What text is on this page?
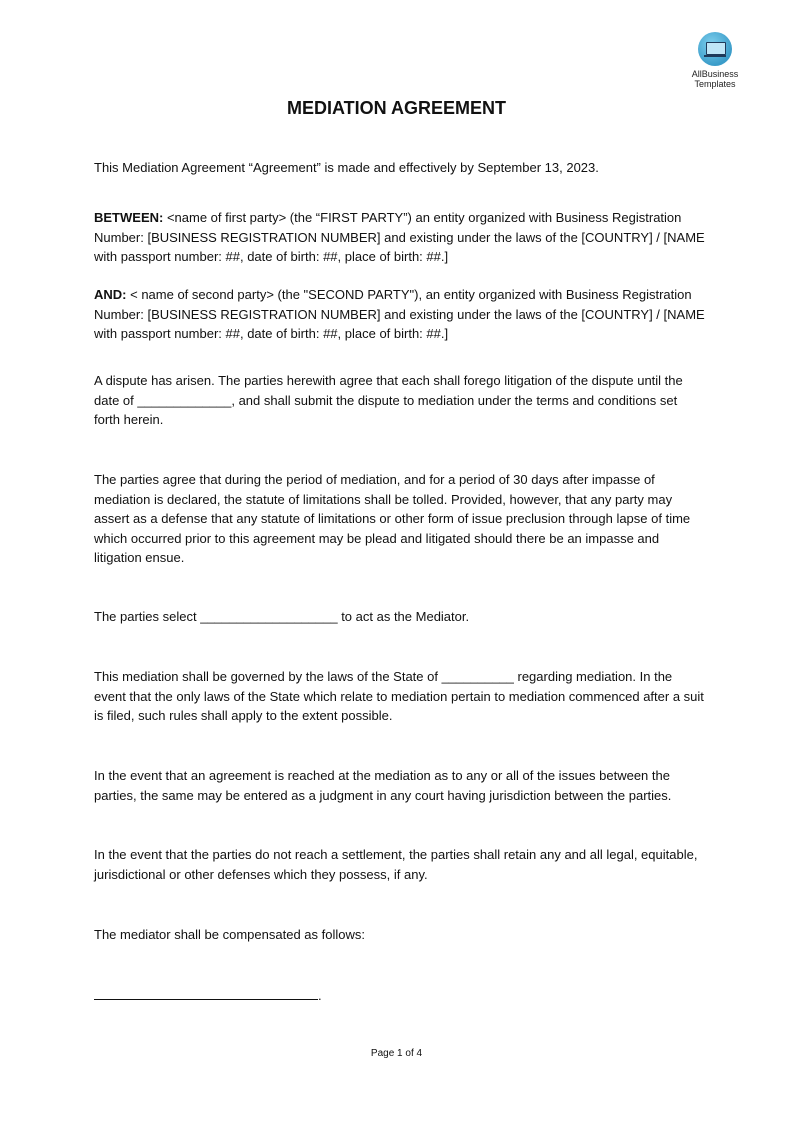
AllBusiness
Templates
MEDIATION AGREEMENT
This Mediation Agreement “Agreement” is made and effectively by September 13, 2023.
BETWEEN: <name of first party> (the “FIRST PARTY”) an entity organized with Business Registration Number: [BUSINESS REGISTRATION NUMBER] and existing under the laws of the [COUNTRY] / [NAME with passport number: ##, date of birth: ##, place of birth: ##.]
AND: < name of second party> (the "SECOND PARTY"), an entity organized with Business Registration Number: [BUSINESS REGISTRATION NUMBER] and existing under the laws of the [COUNTRY] / [NAME with passport number: ##, date of birth: ##, place of birth: ##.]
A dispute has arisen. The parties herewith agree that each shall forego litigation of the dispute until the date of _____________, and shall submit the dispute to mediation under the terms and conditions set forth herein.
The parties agree that during the period of mediation, and for a period of 30 days after impasse of mediation is declared, the statute of limitations shall be tolled. Provided, however, that any party may assert as a defense that any statute of limitations or other form of issue preclusion through lapse of time which occurred prior to this agreement may be plead and litigated should there be an impasse and litigation ensue.
The parties select ___________________ to act as the Mediator.
This mediation shall be governed by the laws of the State of __________ regarding mediation. In the event that the only laws of the State which relate to mediation pertain to mediation commenced after a suit is filed, such rules shall apply to the extent possible.
In the event that an agreement is reached at the mediation as to any or all of the issues between the parties, the same may be entered as a judgment in any court having jurisdiction between the parties.
In the event that the parties do not reach a settlement, the parties shall retain any and all legal, equitable, jurisdictional or other defenses which they possess, if any.
The mediator shall be compensated as follows:
.
Page 1 of 4
